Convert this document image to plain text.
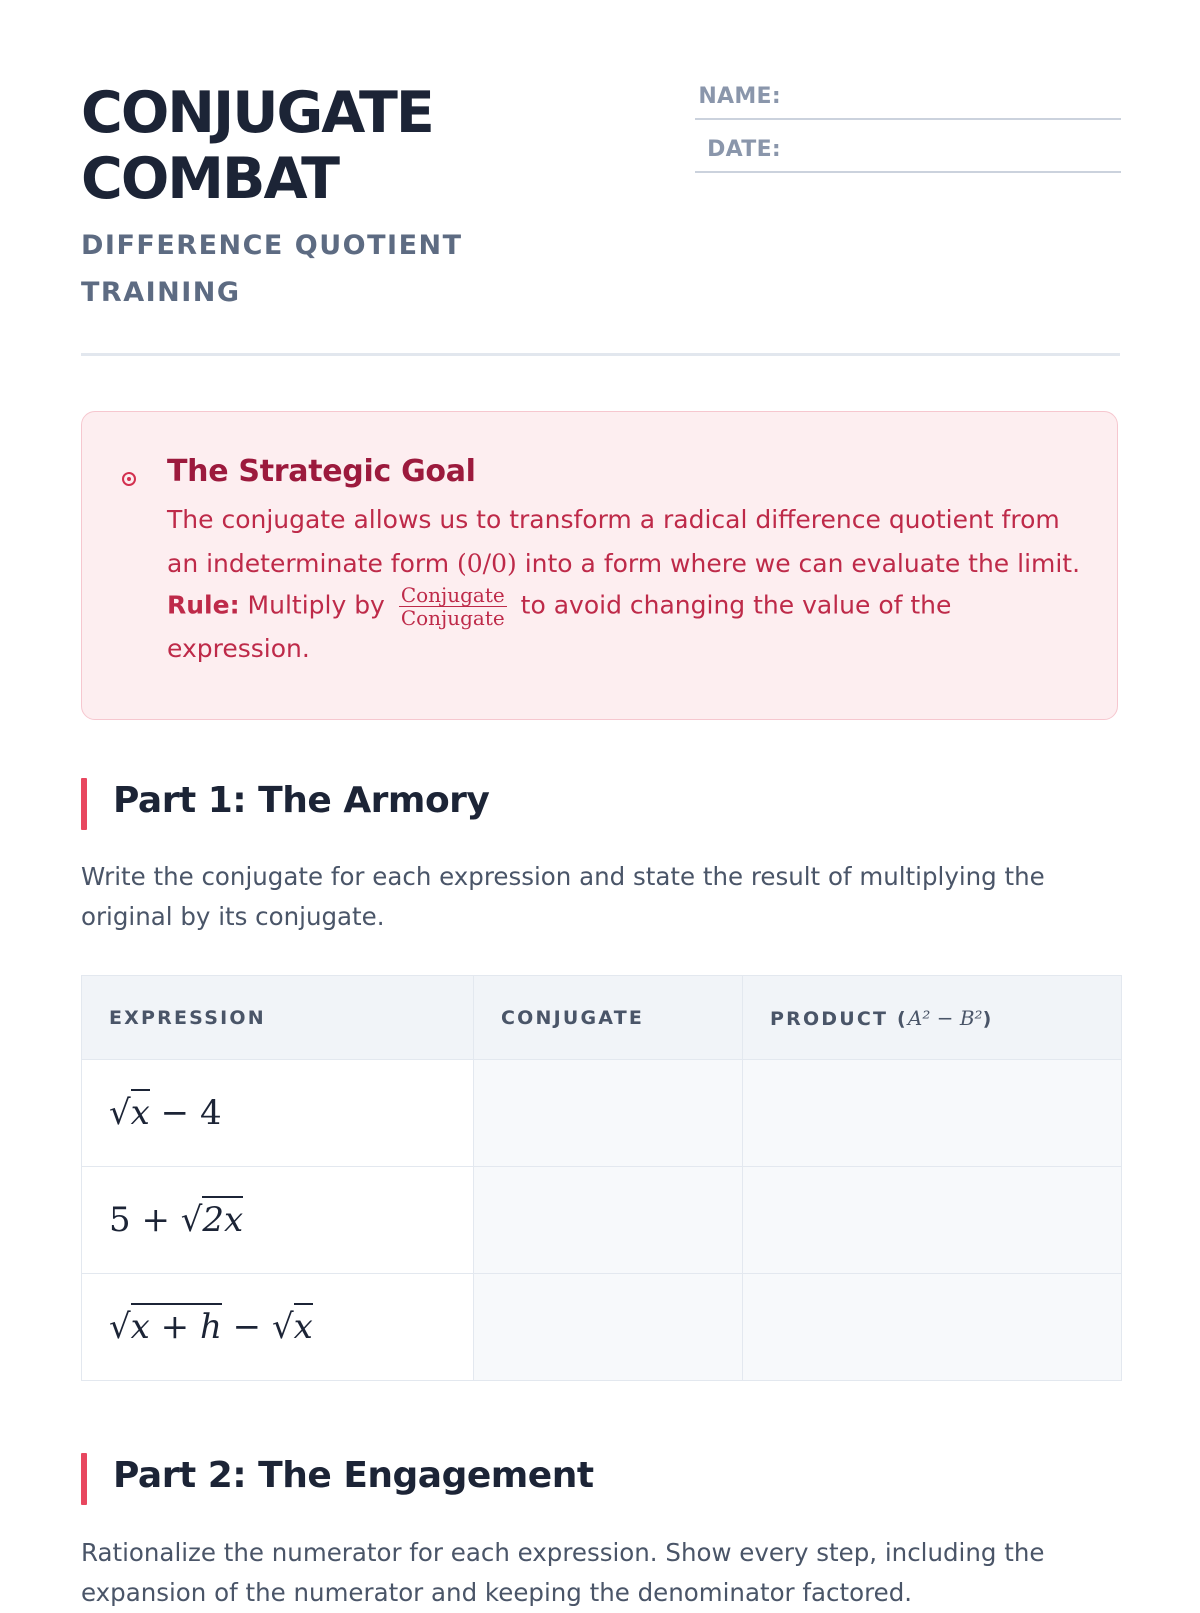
CONJUGATE
COMBAT
DIFFERENCE QUOTIENT
TRAINING
NAME:
DATE:
The Strategic Goal

The conjugate allows us to transform a radical difference quotient from
an indeterminate form (0/0) into a form where we can evaluate the limit.

Rule: Multiply by $\frac{\text{Conjugate}}{\text{Conjugate}}$ to avoid changing the value of the
expression.
Part 1: The Armory

Write the conjugate for each expression and state the result of multiplying the original by its conjugate.

EXPRESSION	CONJUGATE	PRODUCT (A² − B²)
√x − 4		
5 + √2x		
√x + h − √x		
Part 2: The Engagement

Rationalize the numerator for each expression. Show every step, including the expansion of the numerator and keeping the denominator factored.
